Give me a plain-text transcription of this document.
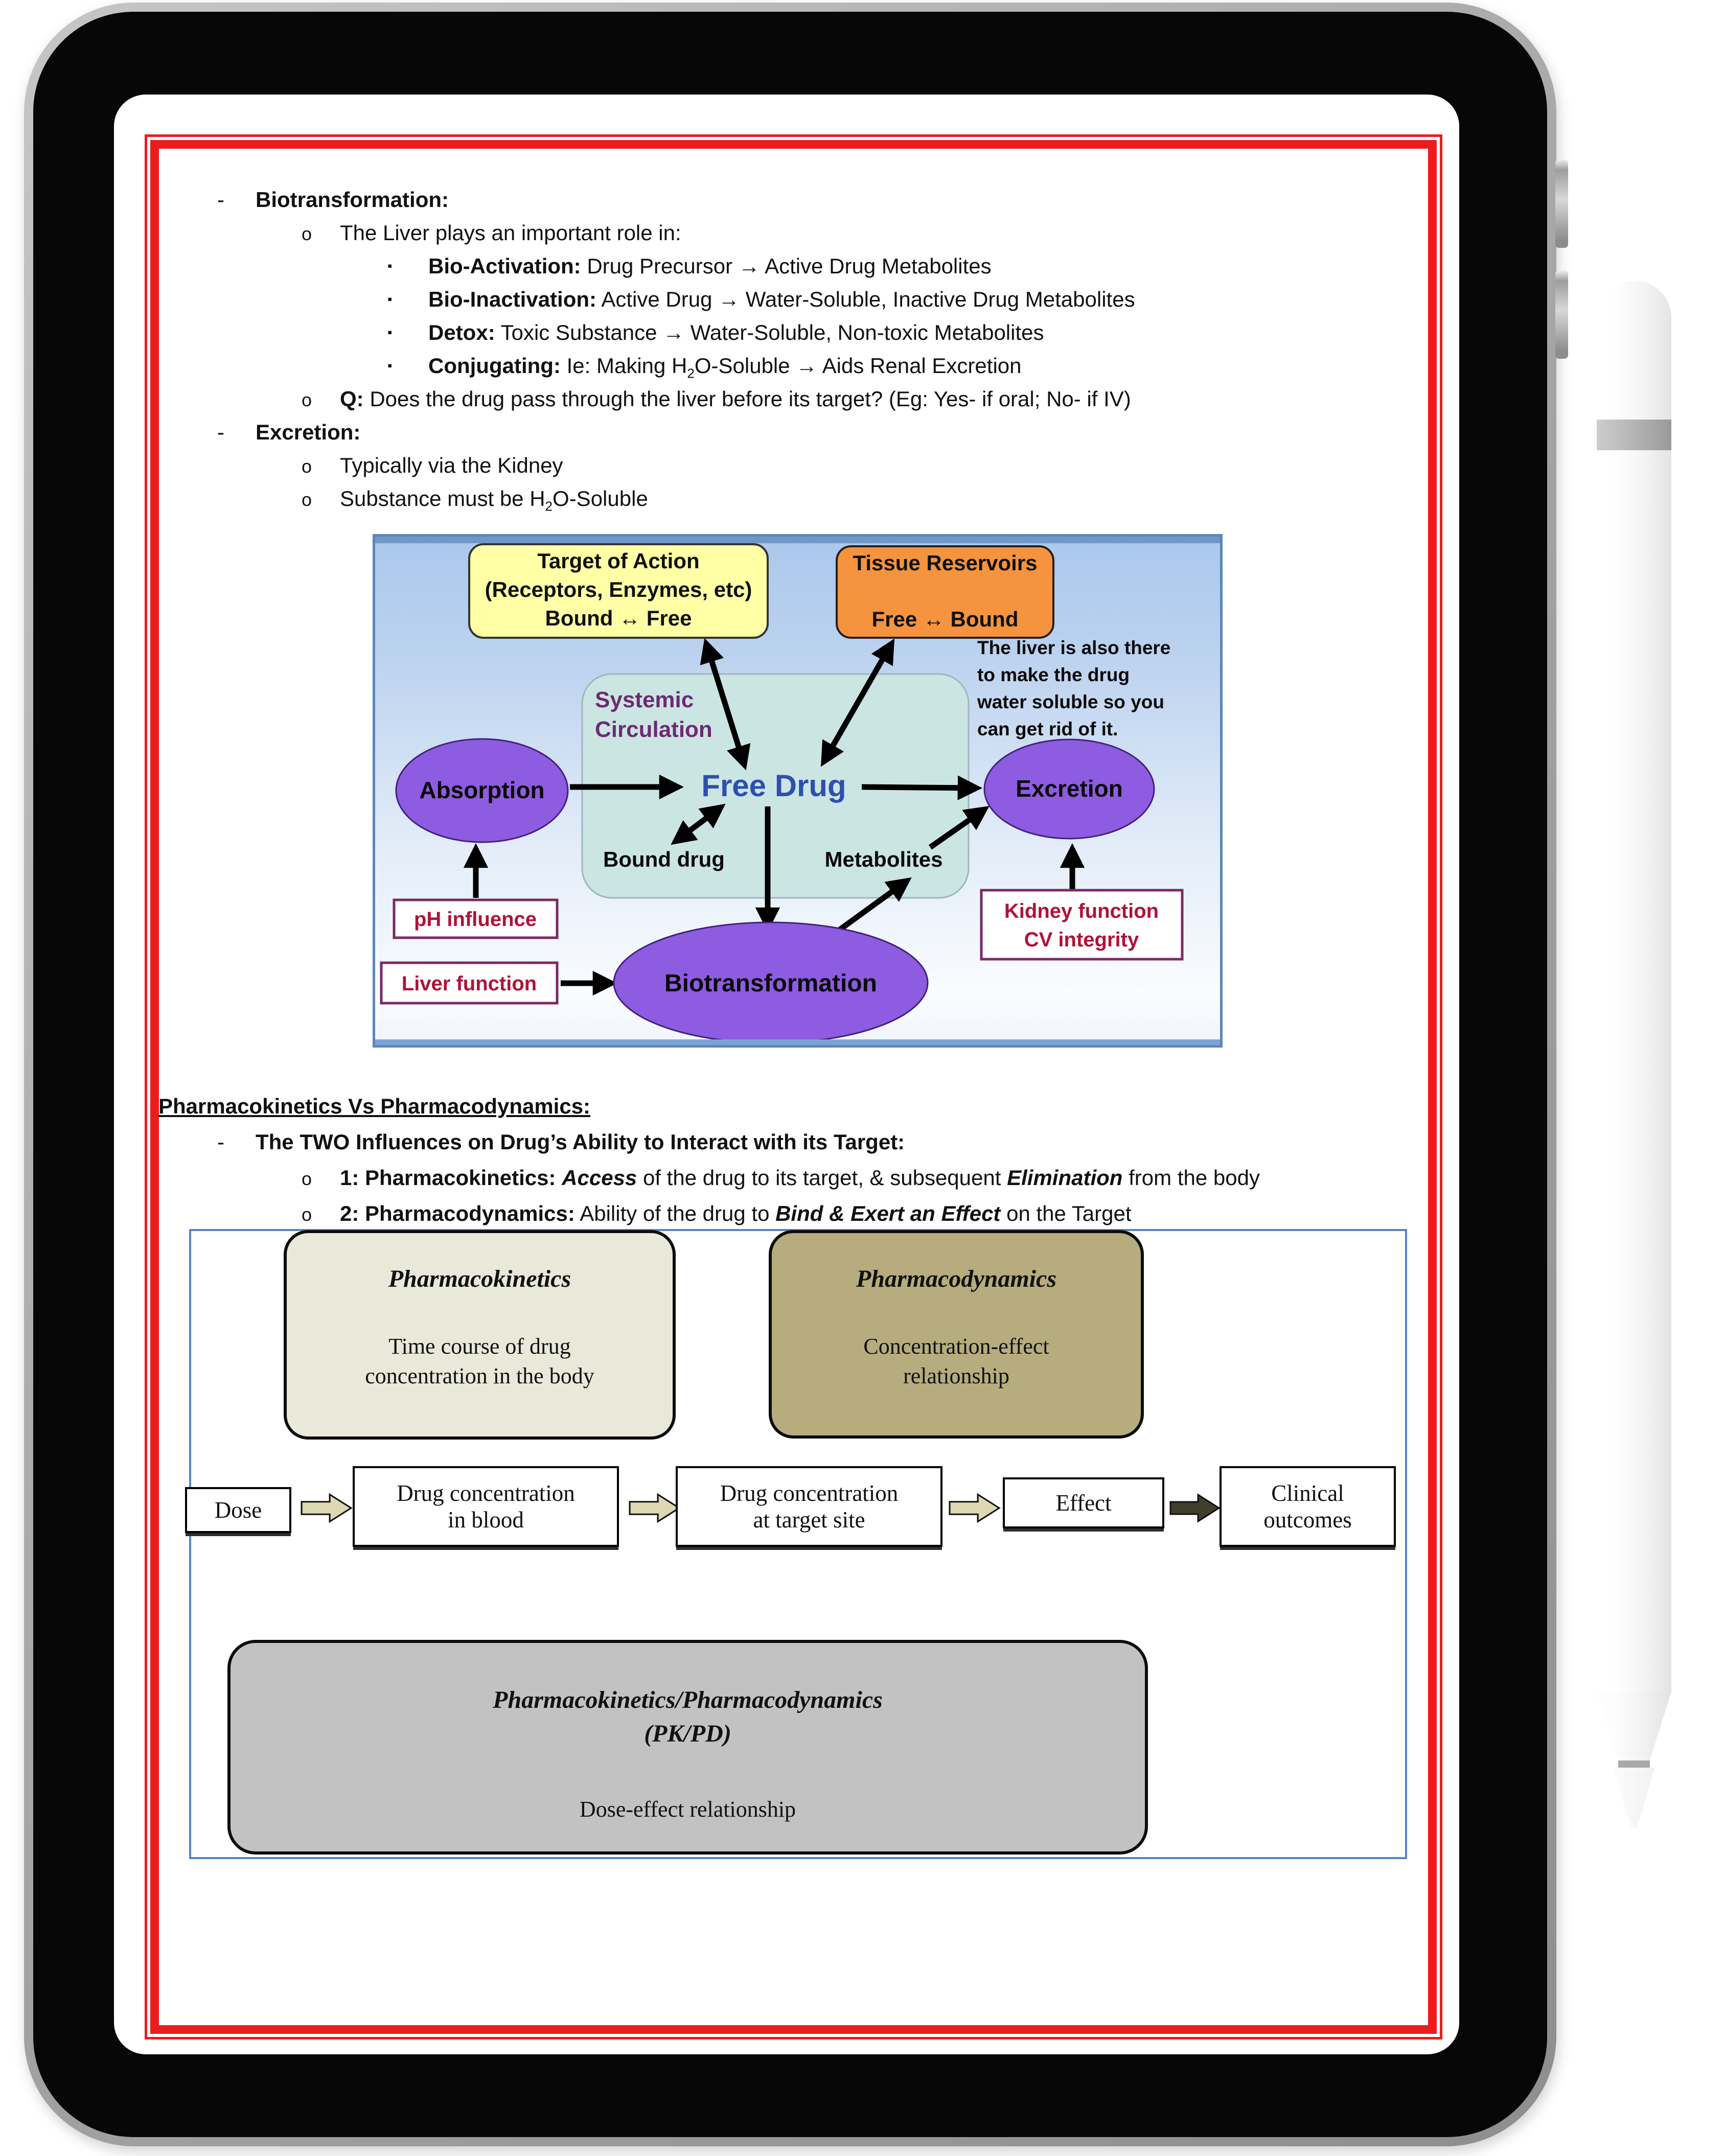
- Biotransformation:
o The Liver plays an important role in:
▪ Bio-Activation: Drug Precursor → Active Drug Metabolites
▪ Bio-Inactivation: Active Drug → Water-Soluble, Inactive Drug Metabolites
▪ Detox: Toxic Substance → Water-Soluble, Non-toxic Metabolites
▪ Conjugating: Ie: Making $H_2O$-Soluble → Aids Renal Excretion
o Q: Does the drug pass through the liver before its target? (Eg: Yes- if oral; No- if IV)
- Excretion:
o Typically via the Kidney
o Substance must be $H_2O$-Soluble
Pharmacokinetics Vs Pharmacodynamics:
- The TWO Influences on Drug’s Ability to Interact with its Target:
o 1: Pharmacokinetics: Access of the drug to its target, & subsequent Elimination from the body
o 2: Pharmacodynamics: Ability of the drug to Bind & Exert an Effect on the Target
Target of Action
(Receptors, Enzymes, etc)
Bound ↔ Free
Tissue Reservoirs
Free ↔ Bound
The liver is also there
to make the drug
water soluble so you
can get rid of it.
Systemic
Circulation
Absorption	Excretion
Biotransformation
Free Drug
Bound drug	Metabolites
pH influence
Liver function
Kidney function
CV integrity
Pharmacokinetics
Time course of drug
concentration in the body
Pharmacodynamics
Concentration-effect
relationship
Dose
Drug concentration
in blood
Drug concentration
at target site
Effect	Clinical
outcomes
Pharmacokinetics/Pharmacodynamics
(PK/PD)
Dose-effect relationship
